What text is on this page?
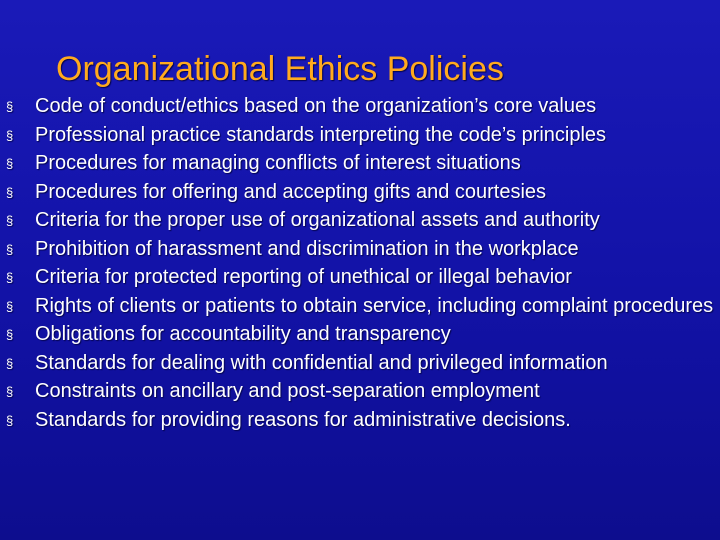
Organizational Ethics Policies
§	Code of conduct/ethics based on the organization’s core values
§	Professional practice standards interpreting the code’s principles
§	Procedures for managing conflicts of interest situations
§	Procedures for offering and accepting gifts and courtesies
§	Criteria for the proper use of organizational assets and authority
§	Prohibition of harassment and discrimination in the workplace
§	Criteria for protected reporting of unethical or illegal behavior
§	Rights of clients or patients to obtain service, including complaint procedures
§	Obligations for accountability and transparency
§	Standards for dealing with confidential and privileged information
§	Constraints on ancillary and post-separation employment
§	Standards for providing reasons for administrative decisions.
